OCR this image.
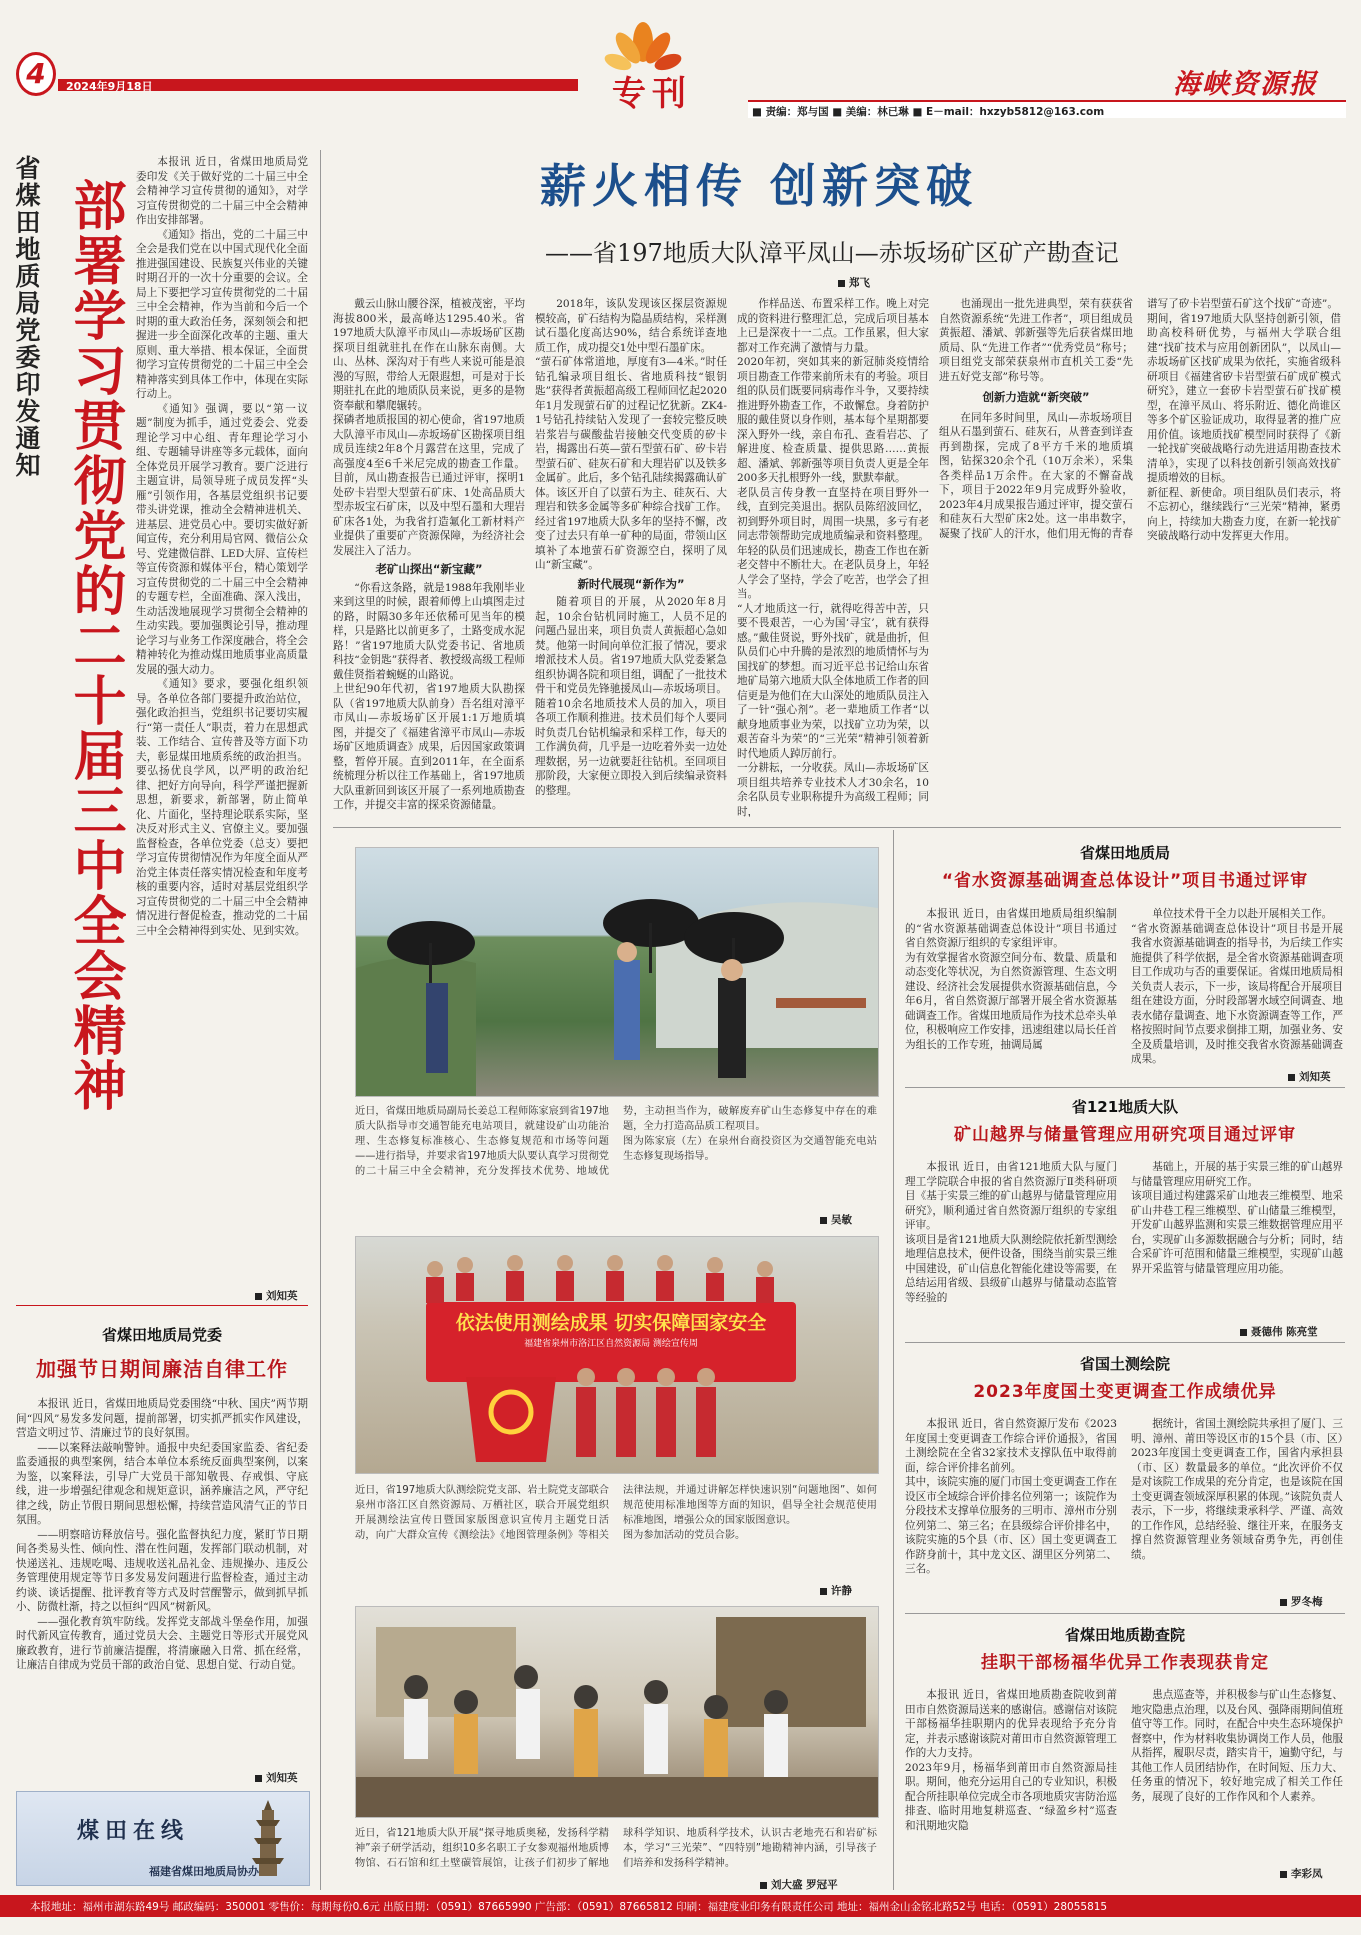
4	2024年9月18日	专刊	海峡资源报
■ 责编：郑与国 ■ 美编：林已琳 ■ E－mail：hxzyb5812@163.com
省煤田地质局党委印发通知 部署学习贯彻党的二十届三中全会精神

本报讯 近日，省煤田地质局党委印发《关于做好党的二十届三中全会精神学习宣传贯彻的通知》，对学习宣传贯彻党的二十届三中全会精神作出安排部署。

《通知》指出，党的二十届三中全会是我们党在以中国式现代化全面推进强国建设、民族复兴伟业的关键时期召开的一次十分重要的会议。全局上下要把学习宣传贯彻党的二十届三中全会精神，作为当前和今后一个时期的重大政治任务，深刻领会和把握进一步全面深化改革的主题、重大原则、重大举措、根本保证，全面贯彻学习宣传贯彻党的二十届三中全会精神落实到具体工作中，体现在实际行动上。

《通知》强调，要以“第一议题”制度为抓手，通过党委会、党委理论学习中心组、青年理论学习小组、专题辅导讲座等多元载体，面向全体党员开展学习教育。要广泛进行主题宣讲，局领导班子成员发挥“头雁”引领作用，各基层党组织书记要带头讲党课，推动全会精神进机关、进基层、进党员心中。要切实做好新闻宣传，充分利用局官网、微信公众号、党建微信群、LED大屏、宣传栏等宣传资源和媒体平台，精心策划学习宣传贯彻党的二十届三中全会精神的专题专栏，全面准确、深入浅出，生动活泼地展现学习贯彻全会精神的生动实践。要加强舆论引导，推动理论学习与业务工作深度融合，将全会精神转化为推动煤田地质事业高质量发展的强大动力。

《通知》要求，要强化组织领导。各单位各部门要提升政治站位，强化政治担当，党组织书记要切实履行“第一责任人”职责，着力在思想武装、工作结合、宣传普及等方面下功夫，彰显煤田地质系统的政治担当。要弘扬优良学风，以严明的政治纪律、把好方向导向，科学严谨把握新思想，新要求，新部署，防止简单化、片面化，坚持理论联系实际，坚决反对形式主义、官僚主义。要加强监督检查，各单位党委（总支）要把学习宣传贯彻情况作为年度全面从严治党主体责任落实情况检查和年度考核的重要内容，适时对基层党组织学习宣传贯彻党的二十届三中全会精神情况进行督促检查，推动党的二十届三中全会精神得到实处、见到实效。

刘知英
省煤田地质局党委
加强节日期间廉洁自律工作

本报讯 近日，省煤田地质局党委围绕“中秋、国庆”两节期间“四风”易发多发问题，提前部署，切实抓严抓实作风建设，营造文明过节、清廉过节的良好氛围。

——以案释法敲响警钟。通报中央纪委国家监委、省纪委监委通报的典型案例，结合本单位本系统反面典型案例，以案为鉴，以案释法，引导广大党员干部知敬畏、存戒惧、守底线，进一步增强纪律观念和规矩意识，涵养廉洁之风，严守纪律之线，防止节假日期间思想松懈，持续营造风清气正的节日氛围。

——明察暗访释放信号。强化监督执纪力度，紧盯节日期间各类易头性、倾向性、潜在性问题，发挥部门联动机制，对快递送礼、违规吃喝、违规收送礼品礼金、违规操办、违反公务管理使用规定等节日多发易发问题进行监督检查，通过主动约谈、谈话提醒、批评教育等方式及时营醒警示，做到抓早抓小、防微杜渐，持之以恒纠“四风”树新风。

——强化教育筑牢防线。发挥党支部战斗堡垒作用，加强时代新风宣传教育，通过党员大会、主题党日等形式开展党风廉政教育，进行节前廉洁提醒，将清廉融入日常、抓在经常，让廉洁自律成为党员干部的政治自觉、思想自觉、行动自觉。

刘知英
煤田在线
福建省煤田地质局协办
薪火相传 创新突破
——省197地质大队漳平凤山—赤坂场矿区矿产勘查记
郑飞
戴云山脉山腰谷深，植被茂密，平均海拔800米，最高峰达1295.40米。省197地质大队漳平市凤山—赤坂场矿区勘探项目组就驻扎在作在山脉东南侧。大山、丛林、深沟对于有些人来说可能是浪漫的写照，带给人无限遐想，可是对于长期驻扎在此的地质队员来说，更多的是物资奉献和攀爬辗转。
探磷者地质报国的初心使命，省197地质大队漳平市凤山—赤坂场矿区勘探项目组成员连续2年8个月露营在这里，完成了高强度4至6千米尼完成的勘查工作量。目前，凤山勘查报告已通过评审，探明1处矽卡岩型大型萤石矿床、1处高品质大型赤坂宝石矿床，以及中型石墨和大理岩矿床各1处，为我省打造氟化工新材料产业提供了重要矿产资源保障，为经济社会发展注入了活力。
老矿山探出“新宝藏”
“你看这条路，就是1988年我刚毕业来到这里的时候，跟着师傅上山填图走过的路，时隔30多年还依稀可见当年的模样，只是路比以前更多了，土路变成水泥路！”省197地质大队党委书记、省地质科技“金钥匙”获得者、教授级高级工程师戴佳贤指着蜿蜒的山路说。
上世纪90年代初，省197地质大队勘探队（省197地质大队前身）吾名组对漳平市凤山—赤坂场矿区开展1:1万地质填图，并提交了《福建省漳平市凤山—赤坂场矿区地质调查》成果，后因国家政策调整，暂停开展。直到2011年，在全面系统梳理分析以往工作基础上，省197地质大队重新回到该区开展了一系列地质勘查工作，并提交丰富的探采资源储量。
2018年，该队发现该区探层资源规模较高，矿石结构为隐晶质结构，采样测试石墨化度高达90%，结合系统详查地质工作，成功提交1处中型石墨矿床。
“萤石矿体常道地，厚度有3—4米。”时任钻孔编录项目组长、省地质科技“银钥匙”获得者黄振超高级工程师回忆起2020年1月发现萤石矿的过程记忆犹新。ZK4-1号钻孔持续钻入发现了一套较完整反映岩浆岩与碳酸盐岩接触交代变质的矽卡岩，揭露出石英—萤石型萤石矿、矽卡岩型萤石矿、硅灰石矿和大理岩矿以及铁多金属矿。此后，多个钻孔陆续揭露确认矿体。该区开自了以萤石为主、硅灰石、大理岩和铁多金属等多矿种综合找矿工作。经过省197地质大队多年的坚持不懈，改变了过去只有单一矿种的局面，带领山区填补了本地萤石矿资源空白，探明了凤山“新宝藏”。
新时代展现“新作为”
随着项目的开展，从2020年8月起，10余台钻机同时施工，人员不足的问题凸显出来，项目负责人黄振超心急如焚。他第一时间向单位汇报了情况，要求增派技术人员。省197地质大队党委紧急组织协调各院和项目组，调配了一批技术骨干和党员先锋驰援凤山—赤坂场项目。随着10余名地质技术人员的加入，项目各项工作顺利推进。技术员们每个人要同时负责几台钻机编录和采样工作，每天的工作满负荷，几乎是一边吃着外卖一边处理数据，另一边就要赶往钻机。至回项目那阶段，大家便立即投入到后续编录资料的整理。
作样品送、布置采样工作。晚上对完成的资料进行整理汇总，完成后项目基本上已是深夜十一二点。工作虽累，但大家都对工作充满了激情与力量。
2020年初，突如其来的新冠肺炎疫情给项目勘查工作带来前所未有的考验。项目组的队员们既要同病毒作斗争，又要持续推进野外勘查工作，不敢懈怠。身着防护服的戴佳贤以身作则，基本每个星期都要深入野外一线，亲自布孔、查看岩芯、了解进度、检查质量、提供思路……黄振超、潘斌、郭新强等项目负责人更是全年200多天扎根野外一线，默默奉献。
老队员言传身教一直坚持在项目野外一线，直到完美退出。据队员陈绍波回忆，初到野外项目时，周围一块黑，多亏有老同志带领帮助完成地质编录和资料整理。年轻的队员们迅速成长，勘查工作也在新老交替中不断壮大。在老队员身上，年轻人学会了坚持，学会了吃苦，也学会了担当。
“人才地质这一行，就得吃得苦中苦，只要不畏艰苦，一心为国‘寻宝’，就有获得感。”戴佳贤说，野外找矿，就是曲折，但队员们心中升腾的是浓烈的地质情怀与为国找矿的梦想。而习近平总书记给山东省地矿局第六地质大队全体地质工作者的回信更是为他们在大山深处的地质队员注入了一针“强心剂”。老一辈地质工作者“以献身地质事业为荣，以找矿立功为荣，以艰苦奋斗为荣”的“三光荣”精神引领着新时代地质人踔厉前行。
一分耕耘，一分收获。凤山—赤坂场矿区项目组共培养专业技术人才30余名，10余名队员专业职称提升为高级工程师；同时，
也涌现出一批先进典型，荣有获获省自然资源系统“先进工作者”，项目组成员黄振超、潘斌、郭新强等先后获省煤田地质局、队“先进工作者”“优秀党员”称号；项目组党支部荣获泉州市直机关工委“先进五好党支部”称号等。
创新力造就“新突破”
在同年多时间里，凤山—赤坂场项目组从石墨到萤石、硅灰石，从普查到详查再到勘探，完成了8平方千米的地质填图，钻探320余个孔（10万余米），采集各类样品1万余件。在大家的不懈奋战下，项目于2022年9月完成野外验收，2023年4月成果报告通过评审，提交萤石和硅灰石大型矿床2处。这一串串数字，凝聚了找矿人的汗水，他们用无悔的青春谱写了矽卡岩型萤石矿这个找矿“奇迹”。
期间，省197地质大队坚持创新引领，借助高校科研优势，与福州大学联合组建“找矿技术与应用创新团队”，以凤山—赤坂场矿区找矿成果为依托，实施省级科研项目《福建省矽卡岩型萤石矿成矿模式研究》，建立一套矽卡岩型萤石矿找矿模型，在漳平凤山、将乐附近、德化尚谁区等多个矿区验证成功，取得显著的推广应用价值。该地质找矿模型同时获得了《新一轮找矿突破战略行动先进适用勘查技术清单》，实现了以科技创新引领高效找矿提质增效的目标。
新征程、新使命。项目组队员们表示，将不忘初心，继续践行“三光荣”精神，紧勇向上，持续加大勘查力度，在新一轮找矿突破战略行动中发挥更大作用。
近日，省煤田地质局副局长姜总工程师陈家宸到省197地质大队指导市交通智能充电站项目，就建设矿山功能治理、生态修复标准核心、生态修复规范和市场等问题——进行指导，并要求省197地质大队要认真学习贯彻党的二十届三中全会精神，充分发挥技术优势、地域优势，主动担当作为，破解废弃矿山生态修复中存在的难题，全力打造高品质工程项目。
图为陈家宸（左）在泉州台商投资区为交通智能充电站生态修复现场指导。
吴敏
依法使用测绘成果 切实保障国家安全
福建省泉州市洛江区自然资源局 测绘宣传周
近日，省197地质大队测绘院党支部、岩土院党支部联合泉州市洛江区自然资源局、万栖社区，联合开展党组织开展测绘法宣传日暨国家版图意识宣传月主题党日活动，向广大群众宣传《测绘法》《地图管理条例》等相关法律法规，并通过讲解怎样快速识别“问题地图”、如何规范使用标准地图等方面的知识，倡导全社会规范使用标准地图，增强公众的国家版图意识。
图为参加活动的党员合影。
许静
近日，省121地质大队开展“探寻地质奥秘，发扬科学精神”亲子研学活动，组织10多名职工子女参观福州地质博物馆、石石馆和红土壁碳管展馆，让孩子们初步了解地球科学知识、地质科学技术，认识古老地壳石和岩矿标本，学习“三光荣”、“四特别”地勘精神内涵，引导孩子们培养和发扬科学精神。
刘大盛 罗冠平
省煤田地质局
“省水资源基础调查总体设计”项目书通过评审
本报讯 近日，由省煤田地质局组织编制的“省水资源基础调查总体设计”项目书通过省自然资源厅组织的专家组评审。
为有效掌握省水资源空间分布、数量、质量和动态变化等状况，为自然资源管理、生态文明建设、经济社会发展提供水资源基础信息，今年6月，省自然资源厅部署开展全省水资源基础调查工作。省煤田地质局作为技术总牵头单位，积极响应工作安排，迅速组建以局长任首为组长的工作专班，抽调局属
单位技术骨干全力以赴开展相关工作。
“省水资源基础调查总体设计”项目书是开展我省水资源基础调查的指导书，为后续工作实施提供了科学依据，是全省水资源基础调查项目工作成功与否的重要保证。省煤田地质局相关负责人表示，下一步，该局将配合开展项目组在建设方面，分时段部署水域空间调查、地表水储存量调查、地下水资源调查等工作，严格按照时间节点要求倒排工期，加强业务、安全及质量培训，及时推交我省水资源基础调查成果。
刘知英
省121地质大队
矿山越界与储量管理应用研究项目通过评审
本报讯 近日，由省121地质大队与厦门理工学院联合申报的省自然资源厅Ⅱ类科研项目《基于实景三维的矿山越界与储量管理应用研究》，顺利通过省自然资源厅组织的专家组评审。
该项目是省121地质大队测绘院依托新型测绘地理信息技术，便件设备，围绕当前实景三维中国建设，矿山信息化智能化建设等需要，在总结运用省级、县级矿山越界与储量动态监管等经验的
基础上，开展的基于实景三维的矿山越界与储量管理应用研究工作。
该项目通过构建露采矿山地表三维模型、地采矿山井巷工程三维模型、矿山储量三维模型，开发矿山越界监测和实景三维数据管理应用平台，实现矿山多源数据融合与分析；同时，结合采矿许可范围和储量三维模型，实现矿山越界开采监管与储量管理应用功能。
聂德伟 陈亮堂
省国土测绘院
2023年度国土变更调查工作成绩优异
本报讯 近日，省自然资源厅发布《2023年度国土变更调查工作综合评价通报》，省国土测绘院在全省32家技术支撑队伍中取得前面，综合评价排名前列。
其中，该院实施的厦门市国土变更调查工作在设区市全域综合评价排名位列第一；该院作为分段技术支撑单位服务的三明市、漳州市分别位列第二、第三名；在县级综合评价排名中，该院实施的5个县（市、区）国土变更调查工作跻身前十，其中龙文区、湖里区分列第二、三名。
据统计，省国土测绘院共承担了厦门、三明、漳州、莆田等设区市的15个县（市、区）2023年度国土变更调查工作，国省内承担县（市、区）数量最多的单位。“此次评价不仅是对该院工作成果的充分肯定，也是该院在国土变更调查领域深厚积累的体现。”该院负责人表示，下一步，将继续秉承科学、严谨、高效的工作作风，总结经验、继往开来，在服务支撑自然资源管理业务领域奋勇争先，再创佳绩。
罗冬梅
省煤田地质勘查院
挂职干部杨福华优异工作表现获肯定
本报讯 近日，省煤田地质勘查院收到莆田市自然资源局送来的感谢信。感谢信对该院干部杨福华挂职期内的优异表现给予充分肯定，并表示感谢该院对莆田市自然资源管理工作的大力支持。
2023年9月，杨福华到莆田市自然资源局挂职。期间，他充分运用自己的专业知识，积极配合所挂职单位完成全市各项地质灾害防治巡排查、临时用地复耕巡查、“绿盈乡村”巡查和汛期地灾隐
患点巡查等，并积极参与矿山生态修复、地灾隐患点治理，以及台风、强降雨期间值班值守等工作。同时，在配合中央生态环境保护督察中，作为材料收集协调岗工作人员，他服从指挥，履职尽责，踏实肯干，遍勤守纪，与其他工作人员团结协作，在时间短、压力大、任务重的情况下，较好地完成了相关工作任务，展现了良好的工作作风和个人素养。
李彩凤
本报地址：福州市湖东路49号 邮政编码：350001 零售价：每期每份0.6元 出版日期：（0591）87665990 广告部：（0591）87665812 印刷：福建度业印务有限责任公司 地址：福州金山金铭北路52号 电话：（0591）28055815
